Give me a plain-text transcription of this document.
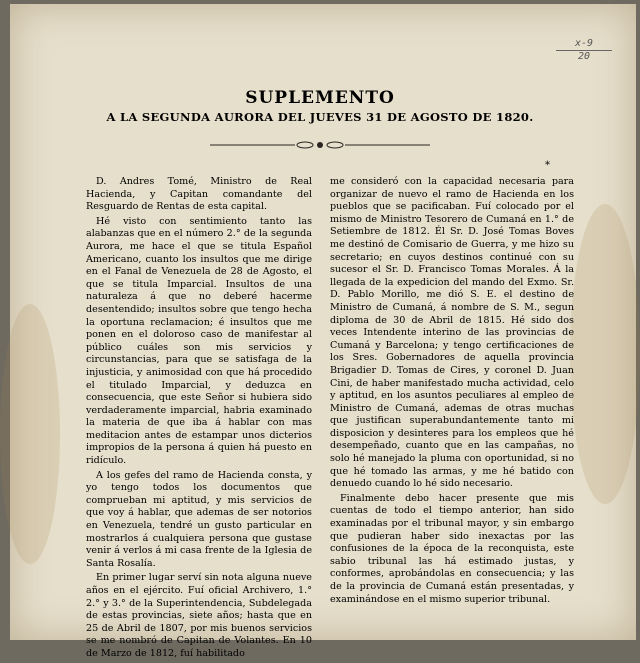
x-9
20
SUPLEMENTO
A LA SEGUNDA AURORA DEL JUEVES 31 DE AGOSTO DE 1820.
*

D. Andres Tomé, Ministro de Real Hacienda, y Capitan comandante del Resguardo de Rentas de esta capital.

Hé visto con sentimiento tanto las alabanzas que en el número 2.° de la segunda Aurora, me hace el que se titula Español Americano, cuanto los insultos que me dirige en el Fanal de Venezuela de 28 de Agosto, el que se titula Imparcial. Insultos de una naturaleza á que no deberé hacerme desentendido; insultos sobre que tengo hecha la oportuna reclamacion; é insultos que me ponen en el doloroso caso de manifestar al público cuáles son mis servicios y circunstancias, para que se satisfaga de la injusticia, y animosidad con que há procedido el titulado Imparcial, y deduzca en consecuencia, que este Señor si hubiera sido verdaderamente imparcial, habria examinado la materia de que iba á hablar con mas meditacion antes de estampar unos dicterios impropios de la persona á quien há puesto en ridículo.

A los gefes del ramo de Hacienda consta, y yo tengo todos los documentos que comprueban mi aptitud, y mis servicios de que voy á hablar, que ademas de ser notorios en Venezuela, tendré un gusto particular en mostrarlos á cualquiera persona que gustase venir á verlos á mi casa frente de la Iglesia de Santa Rosalía.

En primer lugar serví sin nota alguna nueve años en el ejército. Fuí oficial Archivero, 1.° 2.° y 3.° de la Superintendencia, Subdelegada de estas provincias, siete años; hasta que en 25 de Abril de 1807, por mis buenos servicios se me nombró de Capitan de Volantes. En 10 de Marzo de 1812, fuí habilitado

me consideró con la capacidad necesaria para organizar de nuevo el ramo de Hacienda en los pueblos que se pacificaban. Fuí colocado por el mismo de Ministro Tesorero de Cumaná en 1.° de Setiembre de 1812. Él Sr. D. José Tomas Boves me destinó de Comisario de Guerra, y me hizo su secretario; en cuyos destinos continué con su sucesor el Sr. D. Francisco Tomas Morales. Á la llegada de la expedicion del mando del Exmo. Sr. D. Pablo Morillo, me dió S. E. el destino de Ministro de Cumaná, á nombre de S. M., segun diploma de 30 de Abril de 1815. Hé sido dos veces Intendente interino de las provincias de Cumaná y Barcelona; y tengo certificaciones de los Sres. Gobernadores de aquella provincia Brigadier D. Tomas de Cires, y coronel D. Juan Cini, de haber manifestado mucha actividad, celo y aptitud, en los asuntos peculiares al empleo de Ministro de Cumaná, ademas de otras muchas que justifican superabundantemente tanto mi disposicion y desinteres para los empleos que hé desempeñado, cuanto que en las campañas, no solo hé manejado la pluma con oportunidad, si no que hé tomado las armas, y me hé batido con denuedo cuando lo hé sido necesario.

Finalmente debo hacer presente que mis cuentas de todo el tiempo anterior, han sido examinadas por el tribunal mayor, y sin embargo que pudieran haber sido inexactas por las confusiones de la época de la reconquista, este sabio tribunal las há estimado justas, y conformes, aprobándolas en consecuencia; y las de la provincia de Cumaná están presentadas, y examinándose en el mismo superior tribunal.
